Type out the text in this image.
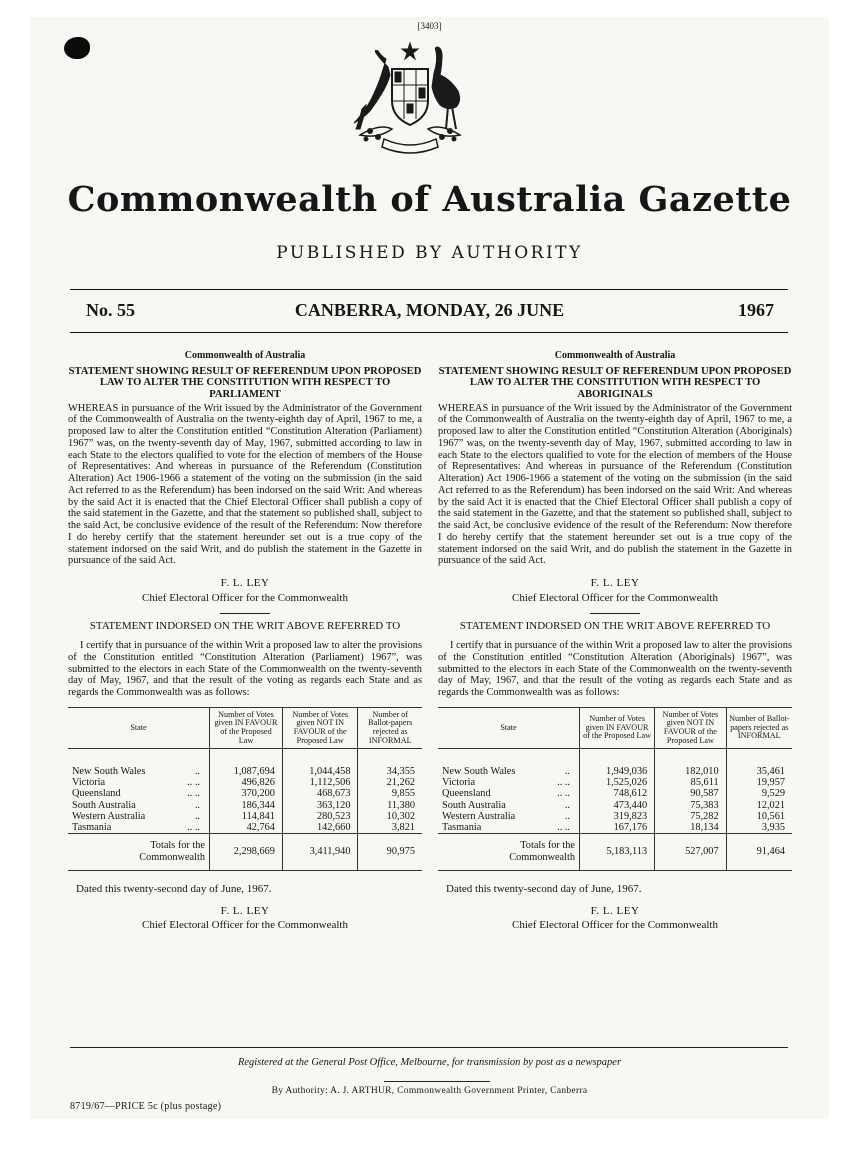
[3403]
Commonwealth of Australia Gazette
PUBLISHED BY AUTHORITY
No. 55	CANBERRA, MONDAY, 26 JUNE	1967
Commonwealth of Australia
STATEMENT SHOWING RESULT OF REFERENDUM UPON PROPOSED LAW TO ALTER THE CONSTITUTION WITH RESPECT TO PARLIAMENT

WHEREAS in pursuance of the Writ issued by the Administrator of the Government of the Commonwealth of Australia on the twenty-eighth day of April, 1967 to me, a proposed law to alter the Constitution entitled “Constitution Alteration (Parliament) 1967” was, on the twenty-seventh day of May, 1967, submitted according to law in each State to the electors qualified to vote for the election of members of the House of Representatives: And whereas in pursuance of the Referendum (Constitution Alteration) Act 1906-1966 a statement of the voting on the submission (in the said Act referred to as the Referendum) has been indorsed on the said Writ: And whereas by the said Act it is enacted that the Chief Electoral Officer shall publish a copy of the said statement in the Gazette, and that the statement so published shall, subject to the said Act, be conclusive evidence of the result of the Referendum: Now therefore I do hereby certify that the statement hereunder set out is a true copy of the statement indorsed on the said Writ, and do publish the statement in the Gazette in pursuance of the said Act.

F. L. LEY
Chief Electoral Officer for the Commonwealth
STATEMENT INDORSED ON THE WRIT ABOVE REFERRED TO

I certify that in pursuance of the within Writ a proposed law to alter the provisions of the Constitution entitled “Constitution Alteration (Parliament) 1967”, was submitted to the electors in each State of the Commonwealth on the twenty-seventh day of May, 1967, and that the result of the voting as regards each State and as regards the Commonwealth was as follows:

State	Number of Votes given IN FAVOUR of the Proposed Law	Number of Votes given NOT IN FAVOUR of the Proposed Law	Number of Ballot-papers rejected as INFORMAL

New South Wales ..	1,087,694	1,044,458	34,355
Victoria .. ..	496,826	1,112,506	21,262
Queensland .. ..	370,200	468,673	9,855
South Australia ..	186,344	363,120	11,380
Western Australia ..	114,841	280,523	10,302
Tasmania .. ..	42,764	142,660	3,821

Totals for the
Commonwealth	2,298,669	3,411,940	90,975

Dated this twenty-second day of June, 1967.

F. L. LEY
Chief Electoral Officer for the Commonwealth
Commonwealth of Australia
STATEMENT SHOWING RESULT OF REFERENDUM UPON PROPOSED LAW TO ALTER THE CONSTITUTION WITH RESPECT TO ABORIGINALS

WHEREAS in pursuance of the Writ issued by the Administrator of the Government of the Commonwealth of Australia on the twenty-eighth day of April, 1967 to me, a proposed law to alter the Constitution entitled “Constitution Alteration (Aboriginals) 1967” was, on the twenty-seventh day of May, 1967, submitted according to law in each State to the electors qualified to vote for the election of members of the House of Representatives: And whereas in pursuance of the Referendum (Constitution Alteration) Act 1906-1966 a statement of the voting on the submission (in the said Act referred to as the Referendum) has been indorsed on the said Writ: And whereas by the said Act it is enacted that the Chief Electoral Officer shall publish a copy of the said statement in the Gazette, and that the statement so published shall, subject to the said Act, be conclusive evidence of the result of the Referendum: Now therefore I do hereby certify that the statement hereunder set out is a true copy of the statement indorsed on the said Writ, and do publish the statement in the Gazette in pursuance of the said Act.

F. L. LEY
Chief Electoral Officer for the Commonwealth
STATEMENT INDORSED ON THE WRIT ABOVE REFERRED TO

I certify that in pursuance of the within Writ a proposed law to alter the provisions of the Constitution entitled “Constitution Alteration (Aboriginals) 1967”, was submitted to the electors in each State of the Commonwealth on the twenty-seventh day of May, 1967, and that the result of the voting as regards each State and as regards the Commonwealth was as follows:

State	Number of Votes given IN FAVOUR of the Proposed Law	Number of Votes given NOT IN FAVOUR of the Proposed Law	Number of Ballot-papers rejected as INFORMAL

New South Wales ..	1,949,036	182,010	35,461
Victoria .. ..	1,525,026	85,611	19,957
Queensland .. ..	748,612	90,587	9,529
South Australia ..	473,440	75,383	12,021
Western Australia ..	319,823	75,282	10,561
Tasmania .. ..	167,176	18,134	3,935

Totals for the
Commonwealth	5,183,113	527,007	91,464

Dated this twenty-second day of June, 1967.

F. L. LEY
Chief Electoral Officer for the Commonwealth
Registered at the General Post Office, Melbourne, for transmission by post as a newspaper
By Authority: A. J. ARTHUR, Commonwealth Government Printer, Canberra
8719/67—PRICE 5c (plus postage)
